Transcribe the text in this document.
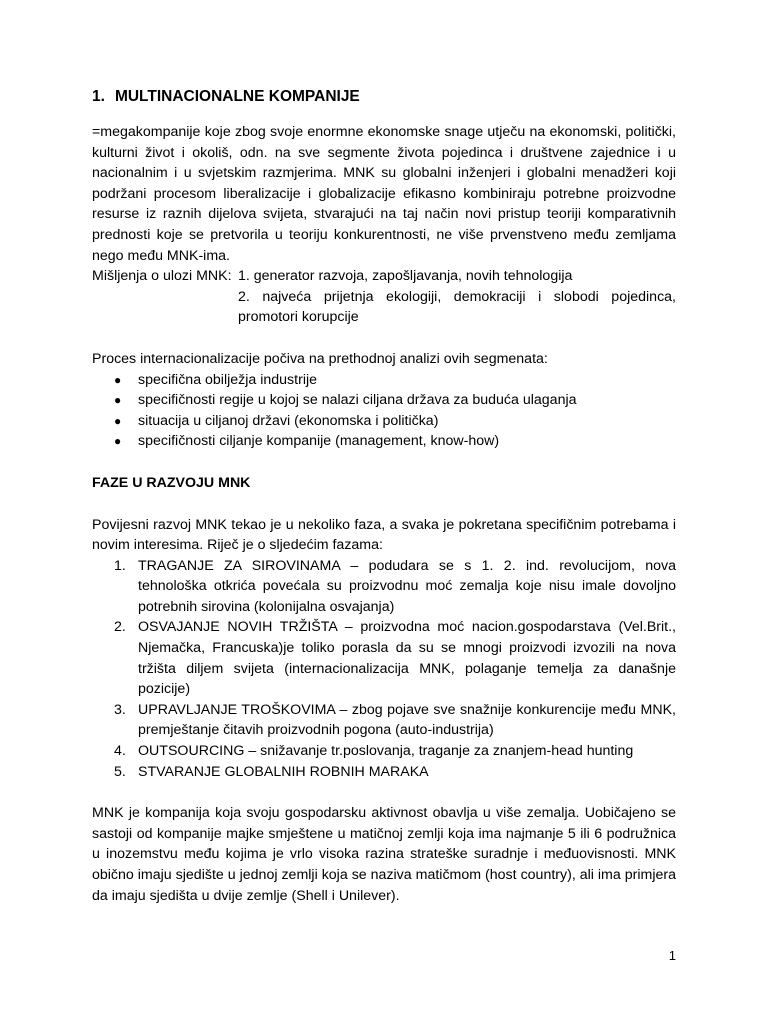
1. MULTINACIONALNE KOMPANIJE

=megakompanije koje zbog svoje enormne ekonomske snage utječu na ekonomski, politički, kulturni život i okoliš, odn. na sve segmente života pojedinca i društvene zajednice i u nacionalnim i u svjetskim razmjerima. MNK su globalni inženjeri i globalni menadžeri koji podržani procesom liberalizacije i globalizacije efikasno kombiniraju potrebne proizvodne resurse iz raznih dijelova svijeta, stvarajući na taj način novi pristup teoriji komparativnih prednosti koje se pretvorila u teoriju konkurentnosti, ne više prvenstveno među zemljama nego među MNK-ima.

Mišljenja o ulozi MNK: 1. generator razvoja, zapošljavanja, novih tehnologija
2. najveća prijetnja ekologiji, demokraciji i slobodi pojedinca, promotori korupcije

Proces internacionalizacije počiva na prethodnoj analizi ovih segmenata:

● specifična obilježja industrije
● specifičnosti regije u kojoj se nalazi ciljana država za buduća ulaganja
● situacija u ciljanoj državi (ekonomska i politička)
● specifičnosti ciljanje kompanije (management, know-how)

FAZE U RAZVOJU MNK

Povijesni razvoj MNK tekao je u nekoliko faza, a svaka je pokretana specifičnim potrebama i novim interesima. Riječ je o sljedećim fazama:

1. TRAGANJE ZA SIROVINAMA – podudara se s 1. 2. ind. revolucijom, nova tehnološka otkrića povećala su proizvodnu moć zemalja koje nisu imale dovoljno potrebnih sirovina (kolonijalna osvajanja)
2. OSVAJANJE NOVIH TRŽIŠTA – proizvodna moć nacion.gospodarstava (Vel.Brit., Njemačka, Francuska)je toliko porasla da su se mnogi proizvodi izvozili na nova tržišta diljem svijeta (internacionalizacija MNK, polaganje temelja za današnje pozicije)
3. UPRAVLJANJE TROŠKOVIMA – zbog pojave sve snažnije konkurencije među MNK, premještanje čitavih proizvodnih pogona (auto-industrija)
4. OUTSOURCING – snižavanje tr.poslovanja, traganje za znanjem-head hunting
5. STVARANJE GLOBALNIH ROBNIH MARAKA

MNK je kompanija koja svoju gospodarsku aktivnost obavlja u više zemalja. Uobičajeno se sastoji od kompanije majke smještene u matičnoj zemlji koja ima najmanje 5 ili 6 podružnica u inozemstvu među kojima je vrlo visoka razina strateške suradnje i međuovisnosti. MNK obično imaju sjedište u jednoj zemlji koja se naziva matičmom (host country), ali ima primjera da imaju sjedišta u dvije zemlje (Shell i Unilever).

1
